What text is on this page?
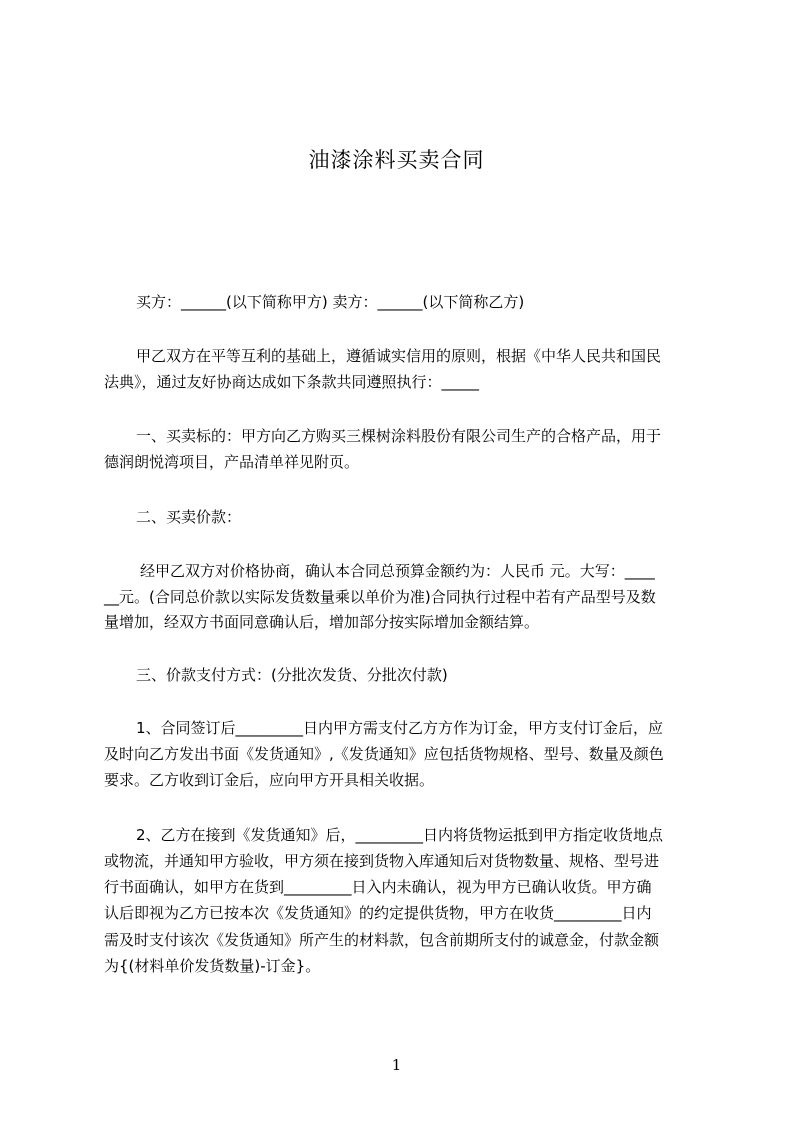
油漆涂料买卖合同
买方：______(以下简称甲方) 卖方：______(以下简称乙方)
甲乙双方在平等互利的基础上，遵循诚实信用的原则，根据《中华人民共和国民
法典》，通过友好协商达成如下条款共同遵照执行：_____
一、买卖标的：甲方向乙方购买三棵树涂料股份有限公司生产的合格产品，用于
德润朗悦湾项目，产品清单祥见附页。
二、买卖价款：
经甲乙双方对价格协商，确认本合同总预算金额约为：人民币 元。大写：____
__元。(合同总价款以实际发货数量乘以单价为准)合同执行过程中若有产品型号及数
量增加，经双方书面同意确认后，增加部分按实际增加金额结算。
三、价款支付方式：(分批次发货、分批次付款)
1、合同签订后_________日内甲方需支付乙方方作为订金，甲方支付订金后，应
及时向乙方发出书面《发货通知》,《发货通知》应包括货物规格、型号、数量及颜色
要求。乙方收到订金后，应向甲方开具相关收据。
2、乙方在接到《发货通知》后，_________日内将货物运抵到甲方指定收货地点
或物流，并通知甲方验收，甲方须在接到货物入库通知后对货物数量、规格、型号进
行书面确认，如甲方在货到_________日入内未确认，视为甲方已确认收货。甲方确
认后即视为乙方已按本次《发货通知》的约定提供货物，甲方在收货_________日内
需及时支付该次《发货通知》所产生的材料款，包含前期所支付的诚意金，付款金额
为{(材料单价发货数量)-订金}。
1
